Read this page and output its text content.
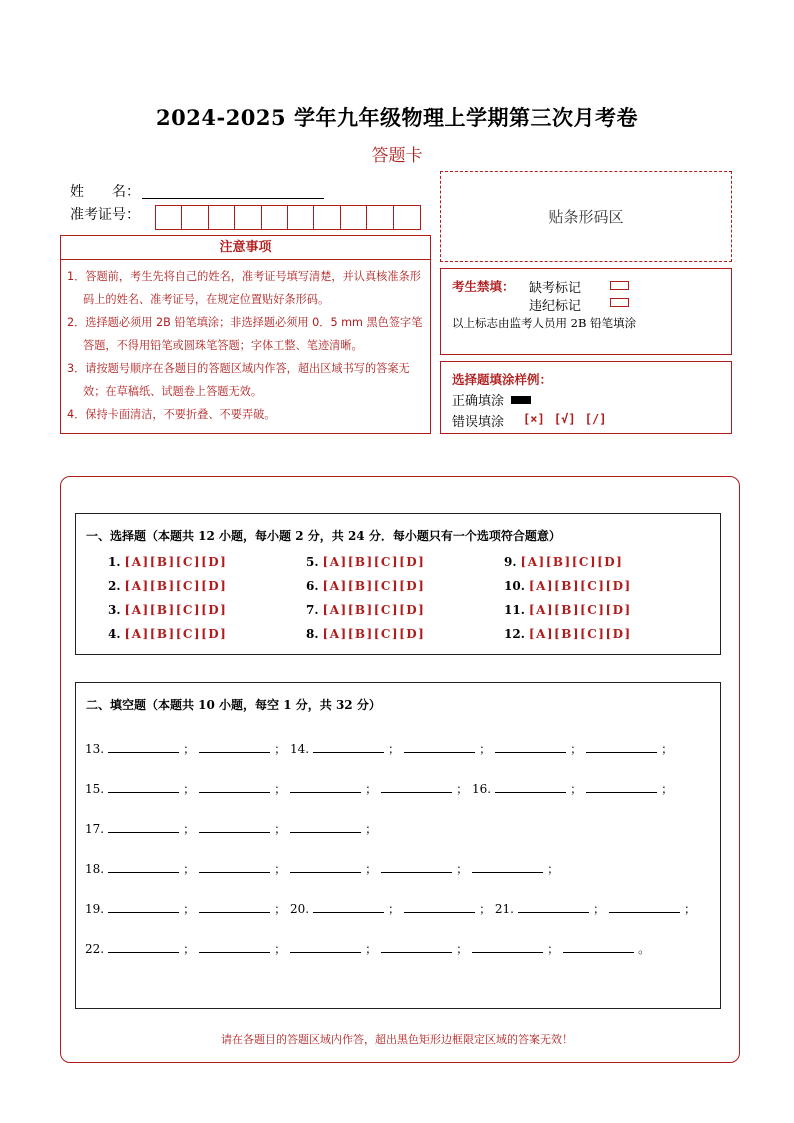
2024-2025 学年九年级物理上学期第三次月考卷
答题卡
姓　　名：
准考证号：	贴条形码区
注意事项
1．答题前，考生先将自己的姓名，准考证号填写清楚，并认真核准条形码上的姓名、准考证号，在规定位置贴好条形码。
2．选择题必须用 2B 铅笔填涂；非选择题必须用 0．5 mm 黑色签字笔答题，不得用铅笔或圆珠笔答题；字体工整、笔迹清晰。
3．请按题号顺序在各题目的答题区域内作答，超出区域书写的答案无效；在草稿纸、试题卷上答题无效。
4．保持卡面清洁，不要折叠、不要弄破。
考生禁填： 缺考标记
违纪标记
以上标志由监考人员用 2B 铅笔填涂
选择题填涂样例：
正确填涂
错误填涂 [×] [√] [/]
一、选择题（本题共 12 小题，每小题 2 分，共 24 分．每小题只有一个选项符合题意）
1. [A][B][C][D]
2. [A][B][C][D]
3. [A][B][C][D]
4. [A][B][C][D]
5. [A][B][C][D]
6. [A][B][C][D]
7. [A][B][C][D]
8. [A][B][C][D]
9. [A][B][C][D]
10. [A][B][C][D]
11. [A][B][C][D]
12. [A][B][C][D]
二、填空题（本题共 10 小题，每空 1 分，共 32 分）
13.	；	； 14.	；	；	；	；
15.	；	；	；	； 16.	；	；
17.	；	；	；
18.	；	；	；	；	；
19.	；	； 20.	；	； 21.	；	；
22.	；	；	；	；	；	。
请在各题目的答题区域内作答，超出黑色矩形边框限定区域的答案无效！
